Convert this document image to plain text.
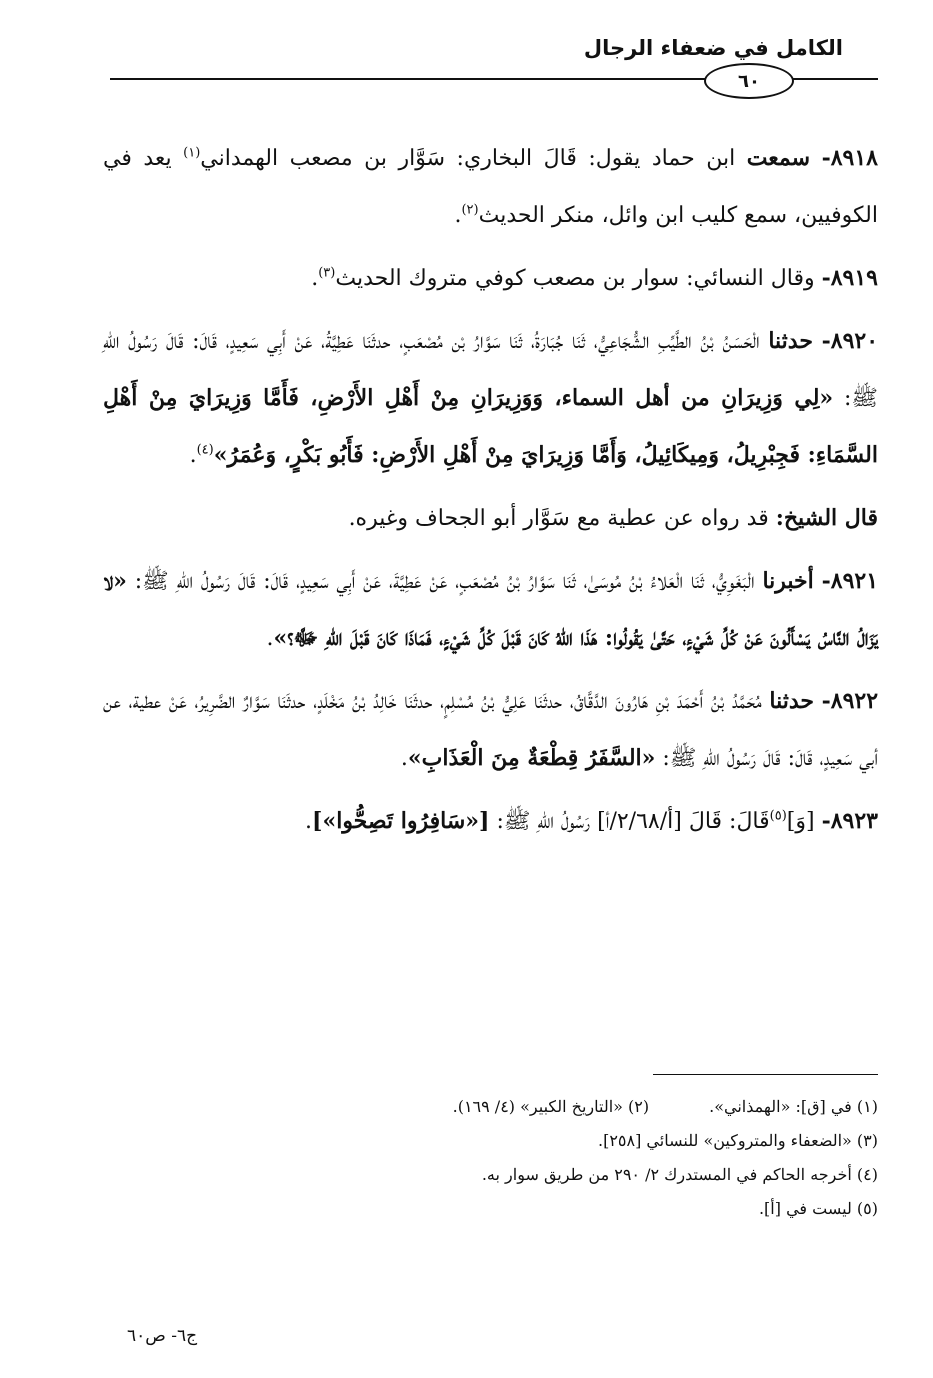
الكامل في ضعفاء الرجال
٦٠

٨٩١٨- سمعت ابن حماد يقول: قَالَ البخاري: سَوَّار بن مصعب الهمداني$^{(١)}$ يعد في الكوفيين، سمع كليب ابن وائل، منكر الحديث$^{(٢)}$.

٨٩١٩- وقال النسائي: سوار بن مصعب كوفي متروك الحديث$^{(٣)}$.

٨٩٢٠- حدثنا الْحَسَنُ بْنُ الطَّيِّبِ الشُّجَاعِيُّ، ثَنَا جُبَارَةُ، ثَنَا سَوَّارُ بْن مُصْعَبٍ، حدثَنَا عَطِيَّةُ، عَنْ أَبِي سَعِيدٍ، قَالَ: قَالَ رَسُولُ اللهِ ﷺ: «لِي وَزِيرَانِ من أهل السماء، وَوَزِيرَانِ مِنْ أَهْلِ الأَرْضِ، فَأَمَّا وَزِيرَايَ مِنْ أَهْلِ السَّمَاءِ: فَجِبْرِيلُ، وَمِيكَائِيلُ، وَأَمَّا وَزِيرَايَ مِنْ أَهْلِ الأَرْضِ: فَأَبُو بَكْرٍ، وَعُمَرُ»$^{(٤)}$.

قال الشيخ: قد رواه عن عطية مع سَوَّار أبو الجحاف وغيره.

٨٩٢١- أخبرنا الْبَغَوِيُّ، ثَنَا الْعَلاءُ بْنُ مُوسَىٰ، ثَنَا سَوَّارُ بْنُ مُصْعَبٍ، عَنْ عَطِيَّةَ، عَنْ أَبِي سَعِيدٍ، قَالَ: قَالَ رَسُولُ اللهِ ﷺ: «لا يَزَالُ النَّاسُ يَسْأَلُونَ عَنْ كُلِّ شَيْءٍ، حَتَّىٰ يَقُولُوا: هَذَا اللهُ كَانَ قَبْلَ كُلِّ شَيْءٍ، فَمَاذَا كَانَ قَبْلَ اللهِ ﷻ؟».

٨٩٢٢- حدثنا مُحَمَّدُ بْنُ أَحْمَدَ بْنِ هَارُونَ الدَّقَّاقُ، حدثَنَا عَلِيُّ بْنُ مُسْلِمٍ، حدثَنَا خَالِدُ بْنُ مَخْلَدٍ، حدثَنَا سَوَّارٌ الضَّرِيرُ، عَنْ عطية، عن أبي سَعِيدٍ، قَالَ: قَالَ رَسُولُ اللهِ ﷺ: «السَّفَرُ قِطْعَةٌ مِنَ الْعَذَابِ».

٨٩٢٣- [وَ]$^{(٥)}$قَالَ: قَالَ [أ/٢/٦٨/أ] رَسُولُ اللهِ ﷺ: [«سَافِرُوا تَصِحُّوا»].

(١) في [ق]: «الهمذاني».
(٢) «التاريخ الكبير» (٤/ ١٦٩).
(٣) «الضعفاء والمتروكين» للنسائي [٢٥٨].
(٤) أخرجه الحاكم في المستدرك ٢/ ٢٩٠ من طريق سوار به.
(٥) ليست في [أ].
ج٦- ص٦٠
